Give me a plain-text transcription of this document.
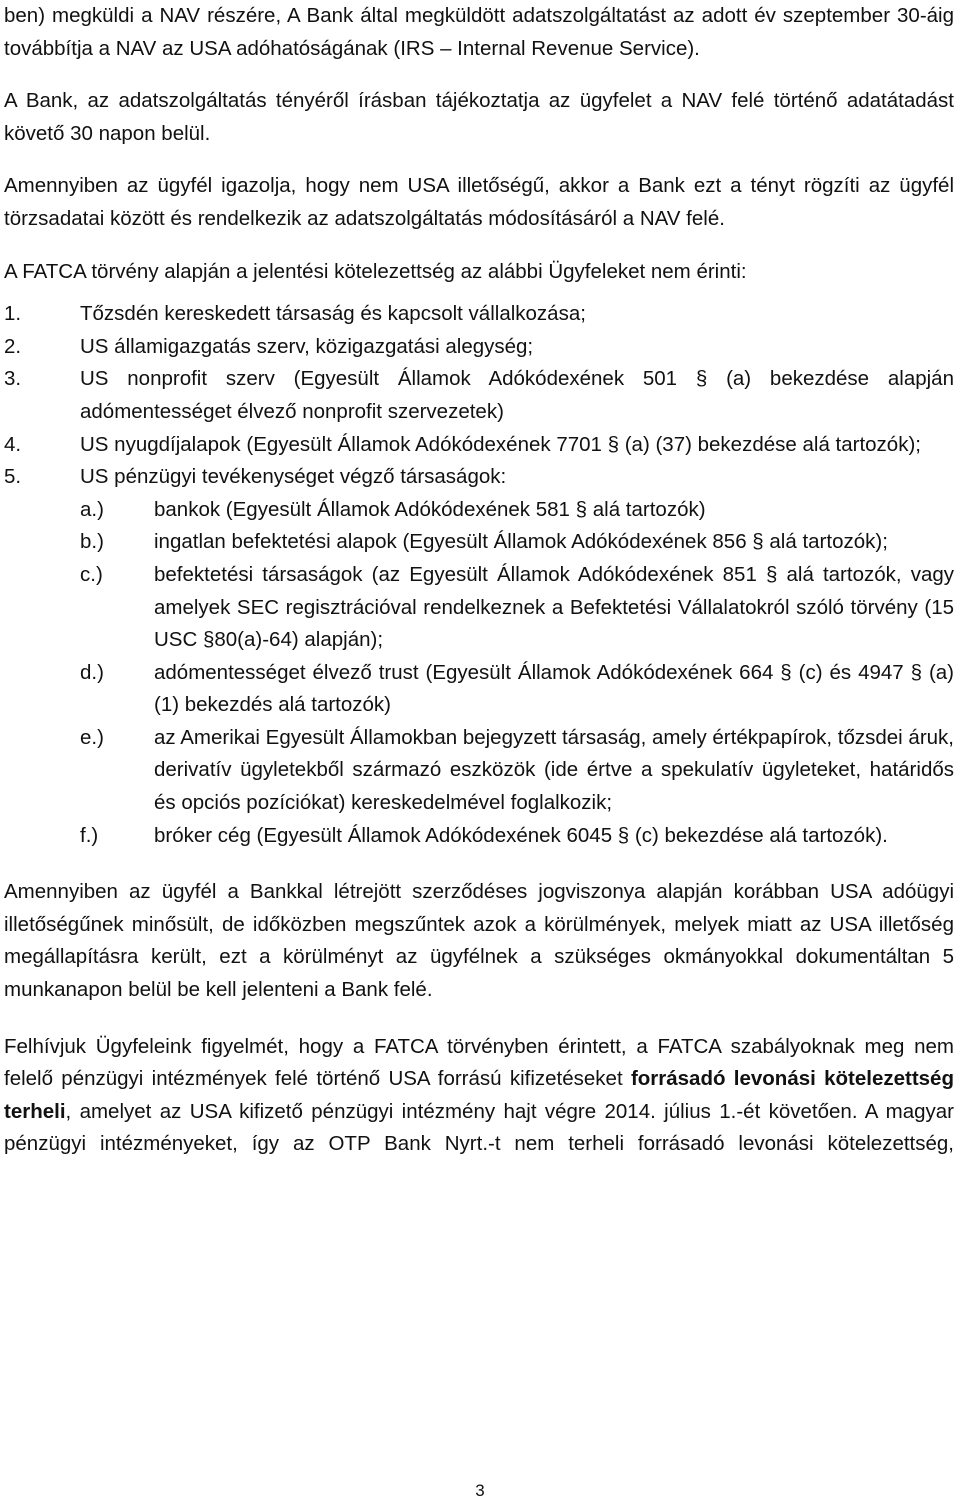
ben) megküldi a NAV részére, A Bank által megküldött adatszolgáltatást az adott év szeptember 30-áig továbbítja a NAV az USA adóhatóságának (IRS – Internal Revenue Service).

A Bank, az adatszolgáltatás tényéről írásban tájékoztatja az ügyfelet a NAV felé történő adatátadást követő 30 napon belül.

Amennyiben az ügyfél igazolja, hogy nem USA illetőségű, akkor a Bank ezt a tényt rögzíti az ügyfél törzsadatai között és rendelkezik az adatszolgáltatás módosításáról a NAV felé.

A FATCA törvény alapján a jelentési kötelezettség az alábbi Ügyfeleket nem érinti:

1.	Tőzsdén kereskedett társaság és kapcsolt vállalkozása;
2.	US államigazgatás szerv, közigazgatási alegység;
3.	US nonprofit szerv (Egyesült Államok Adókódexének 501 § (a) bekezdése alapján adómentességet élvező nonprofit szervezetek)
4.	US nyugdíjalapok (Egyesült Államok Adókódexének 7701 § (a) (37) bekezdése alá tartozók);
5.	US pénzügyi tevékenységet végző társaságok:
a.)	bankok (Egyesült Államok Adókódexének 581 § alá tartozók)
b.)	ingatlan befektetési alapok (Egyesült Államok Adókódexének 856 § alá tartozók);
c.)	befektetési társaságok (az Egyesült Államok Adókódexének 851 § alá tartozók, vagy amelyek SEC regisztrációval rendelkeznek a Befektetési Vállalatokról szóló törvény (15 USC §80(a)-64) alapján);
d.)	adómentességet élvező trust (Egyesült Államok Adókódexének 664 § (c) és 4947 § (a) (1) bekezdés alá tartozók)
e.)	az Amerikai Egyesült Államokban bejegyzett társaság, amely értékpapírok, tőzsdei áruk, derivatív ügyletekből származó eszközök (ide értve a spekulatív ügyleteket, határidős és opciós pozíciókat) kereskedelmével foglalkozik;
f.)	bróker cég (Egyesült Államok Adókódexének 6045 § (c) bekezdése alá tartozók).

Amennyiben az ügyfél a Bankkal létrejött szerződéses jogviszonya alapján korábban USA adóügyi illetőségűnek minősült, de időközben megszűntek azok a körülmények, melyek miatt az USA illetőség megállapításra került, ezt a körülményt az ügyfélnek a szükséges okmányokkal dokumentáltan 5 munkanapon belül be kell jelenteni a Bank felé.

Felhívjuk Ügyfeleink figyelmét, hogy a FATCA törvényben érintett, a FATCA szabályoknak meg nem felelő pénzügyi intézmények felé történő USA forrású kifizetéseket forrásadó levonási kötelezettség terheli, amelyet az USA kifizető pénzügyi intézmény hajt végre 2014. július 1.-ét követően. A magyar pénzügyi intézményeket, így az OTP Bank Nyrt.-t nem terheli forrásadó levonási kötelezettség,

3
